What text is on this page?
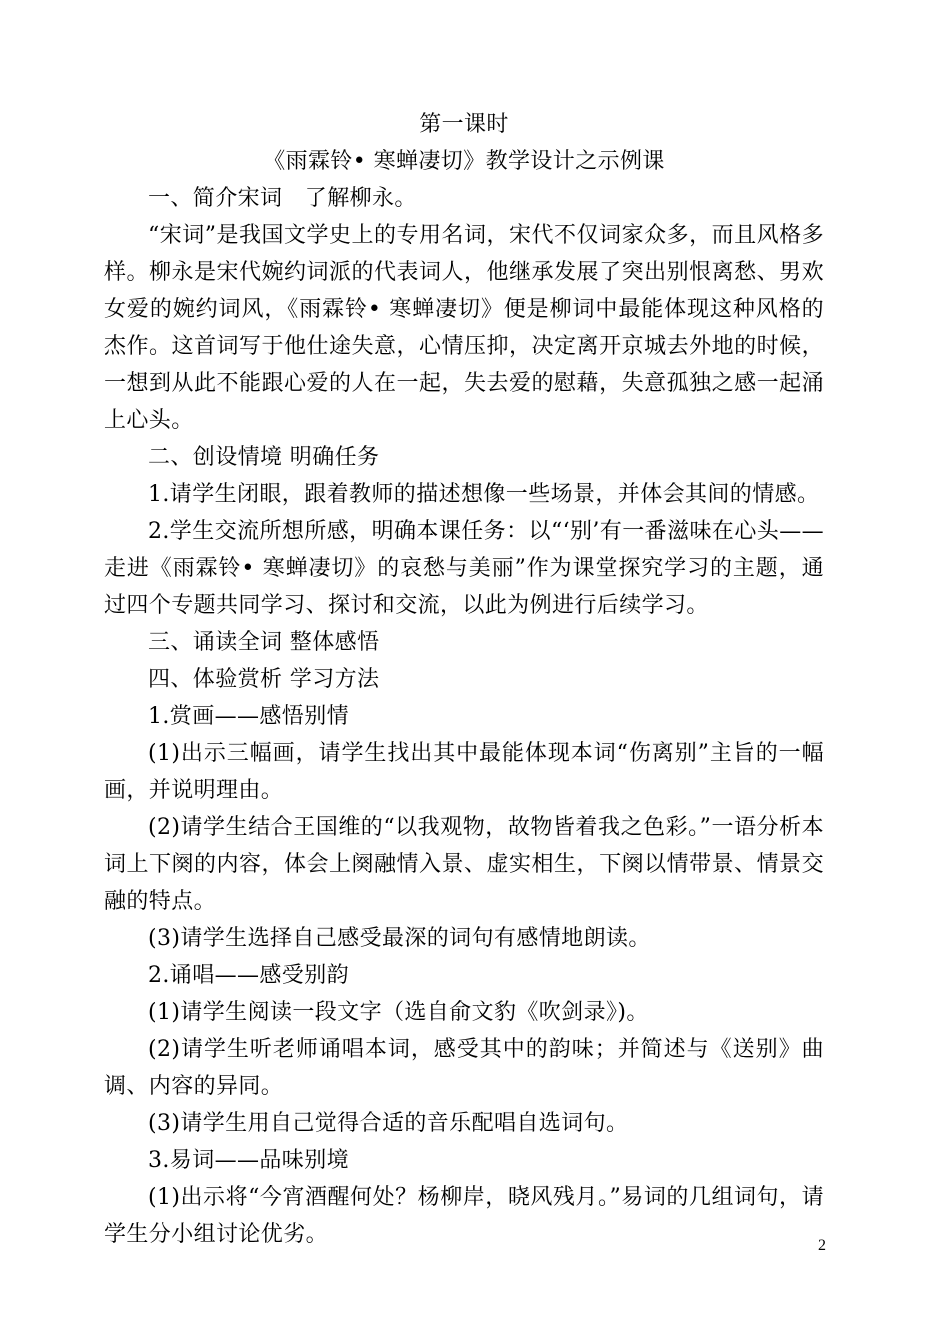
第一课时

《雨霖铃• 寒蝉凄切》教学设计之示例课

一、简介宋词　了解柳永。

“宋词”是我国文学史上的专用名词，宋代不仅词家众多，而且风格多样。柳永是宋代婉约词派的代表词人，他继承发展了突出别恨离愁、男欢女爱的婉约词风，《雨霖铃• 寒蝉凄切》便是柳词中最能体现这种风格的杰作。这首词写于他仕途失意，心情压抑，决定离开京城去外地的时候，一想到从此不能跟心爱的人在一起，失去爱的慰藉，失意孤独之感一起涌上心头。

二、创设情境 明确任务

1.请学生闭眼，跟着教师的描述想像一些场景，并体会其间的情感。

2.学生交流所想所感，明确本课任务：以“‘别’有一番滋味在心头——走进《雨霖铃• 寒蝉凄切》的哀愁与美丽”作为课堂探究学习的主题，通过四个专题共同学习、探讨和交流，以此为例进行后续学习。

三、诵读全词 整体感悟

四、体验赏析 学习方法

1.赏画——感悟别情

(1)出示三幅画，请学生找出其中最能体现本词“伤离别”主旨的一幅画，并说明理由。

(2)请学生结合王国维的“以我观物，故物皆着我之色彩。”一语分析本词上下阕的内容，体会上阕融情入景、虚实相生，下阕以情带景、情景交融的特点。

(3)请学生选择自己感受最深的词句有感情地朗读。

2.诵唱——感受别韵

(1)请学生阅读一段文字（选自俞文豹《吹剑录》)。

(2)请学生听老师诵唱本词，感受其中的韵味；并简述与《送别》曲调、内容的异同。

(3)请学生用自己觉得合适的音乐配唱自选词句。

3.易词——品味别境

(1)出示将“今宵酒醒何处？杨柳岸，晓风残月。”易词的几组词句，请学生分小组讨论优劣。	2
